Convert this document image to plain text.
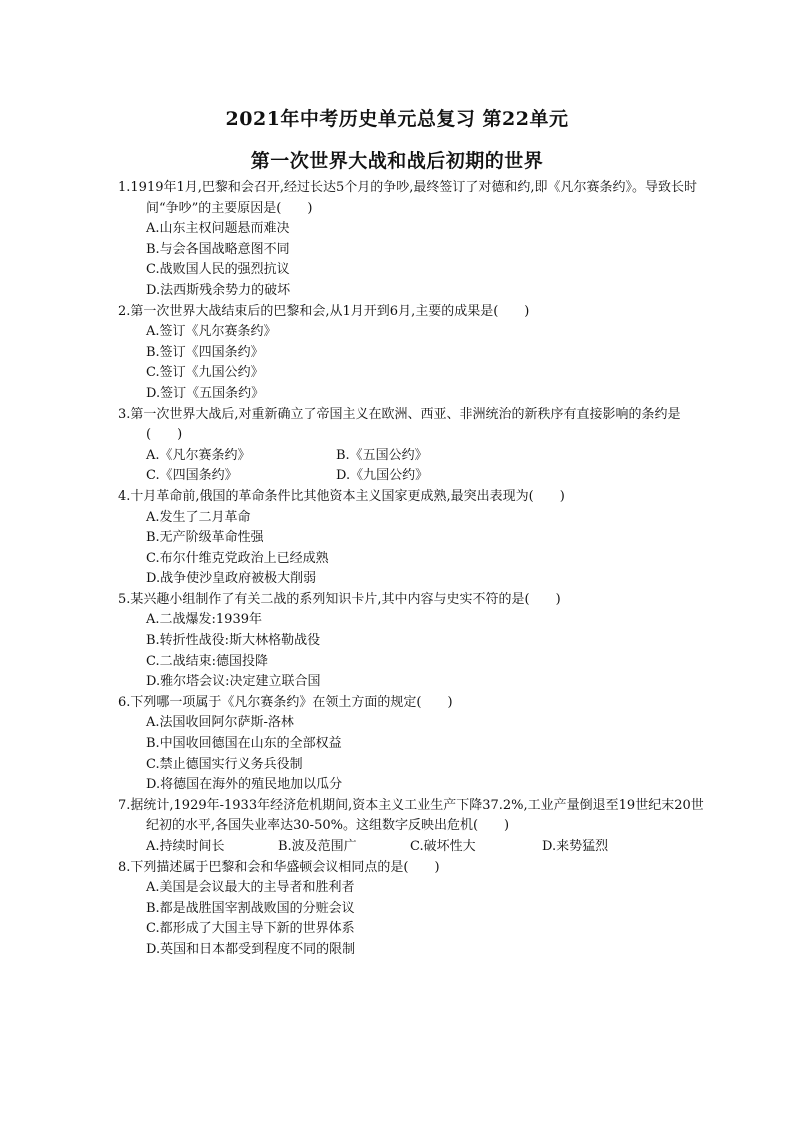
2021年中考历史单元总复习 第22单元
第一次世界大战和战后初期的世界

1.1919年1月,巴黎和会召开,经过长达5个月的争吵,最终签订了对德和约,即《凡尔赛条约》。导致长时间“争吵”的主要原因是(　　)

A.山东主权问题悬而难决

B.与会各国战略意图不同

C.战败国人民的强烈抗议

D.法西斯残余势力的破坏

2.第一次世界大战结束后的巴黎和会,从1月开到6月,主要的成果是(　　)

A.签订《凡尔赛条约》

B.签订《四国条约》

C.签订《九国公约》

D.签订《五国条约》

3.第一次世界大战后,对重新确立了帝国主义在欧洲、西亚、非洲统治的新秩序有直接影响的条约是(　　)

A.《凡尔赛条约》	B.《五国公约》
C.《四国条约》	D.《九国公约》

4.十月革命前,俄国的革命条件比其他资本主义国家更成熟,最突出表现为(　　)

A.发生了二月革命

B.无产阶级革命性强

C.布尔什维克党政治上已经成熟

D.战争使沙皇政府被极大削弱

5.某兴趣小组制作了有关二战的系列知识卡片,其中内容与史实不符的是(　　)

A.二战爆发:1939年

B.转折性战役:斯大林格勒战役

C.二战结束:德国投降

D.雅尔塔会议:决定建立联合国

6.下列哪一项属于《凡尔赛条约》在领土方面的规定(　　)

A.法国收回阿尔萨斯-洛林

B.中国收回德国在山东的全部权益

C.禁止德国实行义务兵役制

D.将德国在海外的殖民地加以瓜分

7.据统计,1929年-1933年经济危机期间,资本主义工业生产下降37.2%,工业产量倒退至19世纪末20世纪初的水平,各国失业率达30-50%。这组数字反映出危机(　　)

A.持续时间长	B.波及范围广	C.破坏性大	D.来势猛烈

8.下列描述属于巴黎和会和华盛顿会议相同点的是(　　)

A.美国是会议最大的主导者和胜利者

B.都是战胜国宰割战败国的分赃会议

C.都形成了大国主导下新的世界体系

D.英国和日本都受到程度不同的限制
